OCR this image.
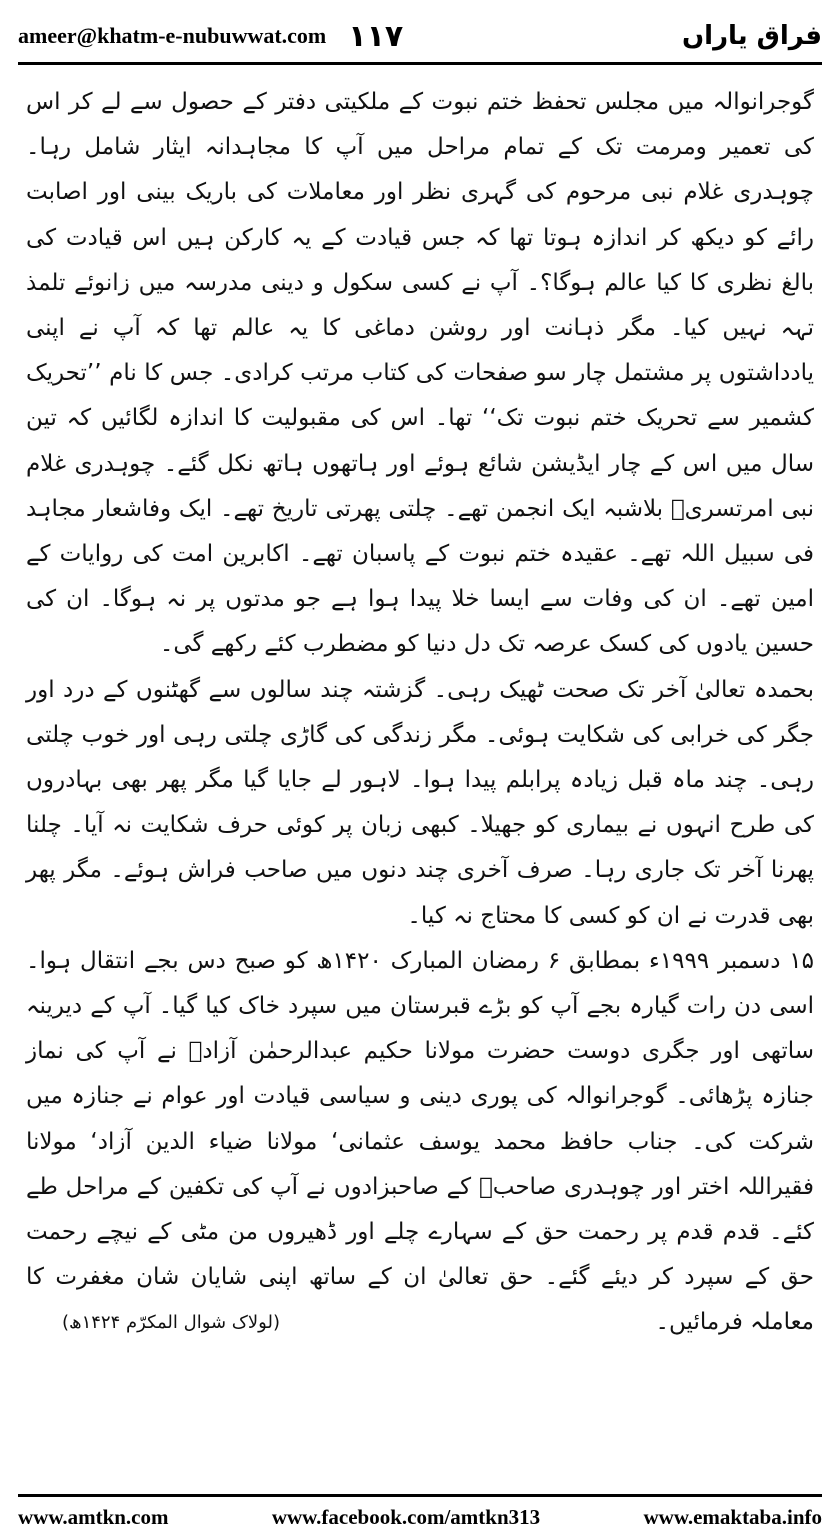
ameer@khatm-e-nubuwwat.com ١١٧	فراق یاراں

گوجرانوالہ میں مجلس تحفظ ختم نبوت کے ملکیتی دفتر کے حصول سے لے کر اس کی تعمیر ومرمت تک کے تمام مراحل میں آپ کا مجاہدانہ ایثار شامل رہا۔ چوہدری غلام نبی مرحوم کی گہری نظر اور معاملات کی باریک بینی اور اصابت رائے کو دیکھ کر اندازہ ہوتا تھا کہ جس قیادت کے یہ کارکن ہیں اس قیادت کی بالغ نظری کا کیا عالم ہوگا؟۔ آپ نے کسی سکول و دینی مدرسہ میں زانوئے تلمذ تہہ نہیں کیا۔ مگر ذہانت اور روشن دماغی کا یہ عالم تھا کہ آپ نے اپنی یادداشتوں پر مشتمل چار سو صفحات کی کتاب مرتب کرادی۔ جس کا نام ’’تحریک کشمیر سے تحریک ختم نبوت تک‘‘ تھا۔ اس کی مقبولیت کا اندازہ لگائیں کہ تین سال میں اس کے چار ایڈیشن شائع ہوئے اور ہاتھوں ہاتھ نکل گئے۔ چوہدری غلام نبی امرتسریؒ بلاشبہ ایک انجمن تھے۔ چلتی پھرتی تاریخ تھے۔ ایک وفاشعار مجاہد فی سبیل اللہ تھے۔ عقیدہ ختم نبوت کے پاسبان تھے۔ اکابرین امت کی روایات کے امین تھے۔ ان کی وفات سے ایسا خلا پیدا ہوا ہے جو مدتوں پر نہ ہوگا۔ ان کی حسین یادوں کی کسک عرصہ تک دل دنیا کو مضطرب کئے رکھے گی۔

بحمدہ تعالیٰ آخر تک صحت ٹھیک رہی۔ گزشتہ چند سالوں سے گھٹنوں کے درد اور جگر کی خرابی کی شکایت ہوئی۔ مگر زندگی کی گاڑی چلتی رہی اور خوب چلتی رہی۔ چند ماہ قبل زیادہ پرابلم پیدا ہوا۔ لاہور لے جایا گیا مگر پھر بھی بہادروں کی طرح انہوں نے بیماری کو جھیلا۔ کبھی زبان پر کوئی حرف شکایت نہ آیا۔ چلنا پھرنا آخر تک جاری رہا۔ صرف آخری چند دنوں میں صاحب فراش ہوئے۔ مگر پھر بھی قدرت نے ان کو کسی کا محتاج نہ کیا۔

۱۵ دسمبر ۱۹۹۹ء بمطابق ۶ رمضان المبارک ۱۴۲۰ھ کو صبح دس بجے انتقال ہوا۔ اسی دن رات گیارہ بجے آپ کو بڑے قبرستان میں سپرد خاک کیا گیا۔ آپ کے دیرینہ ساتھی اور جگری دوست حضرت مولانا حکیم عبدالرحمٰن آزادؒ نے آپ کی نماز جنازہ پڑھائی۔ گوجرانوالہ کی پوری دینی و سیاسی قیادت اور عوام نے جنازہ میں شرکت کی۔ جناب حافظ محمد یوسف عثمانی‘ مولانا ضیاء الدین آزاد‘ مولانا فقیراللہ اختر اور چوہدری صاحبؒ کے صاحبزادوں نے آپ کی تکفین کے مراحل طے کئے۔ قدم قدم پر رحمت حق کے سہارے چلے اور ڈھیروں من مٹی کے نیچے رحمت حق کے سپرد کر دیئے گئے۔ حق تعالیٰ ان کے ساتھ اپنی شایان شان مغفرت کا معاملہ فرمائیں۔
(لولاک شوال المکرّم ۱۴۲۴ھ)

www.amtkn.com	www.facebook.com/amtkn313	www.emaktaba.info
